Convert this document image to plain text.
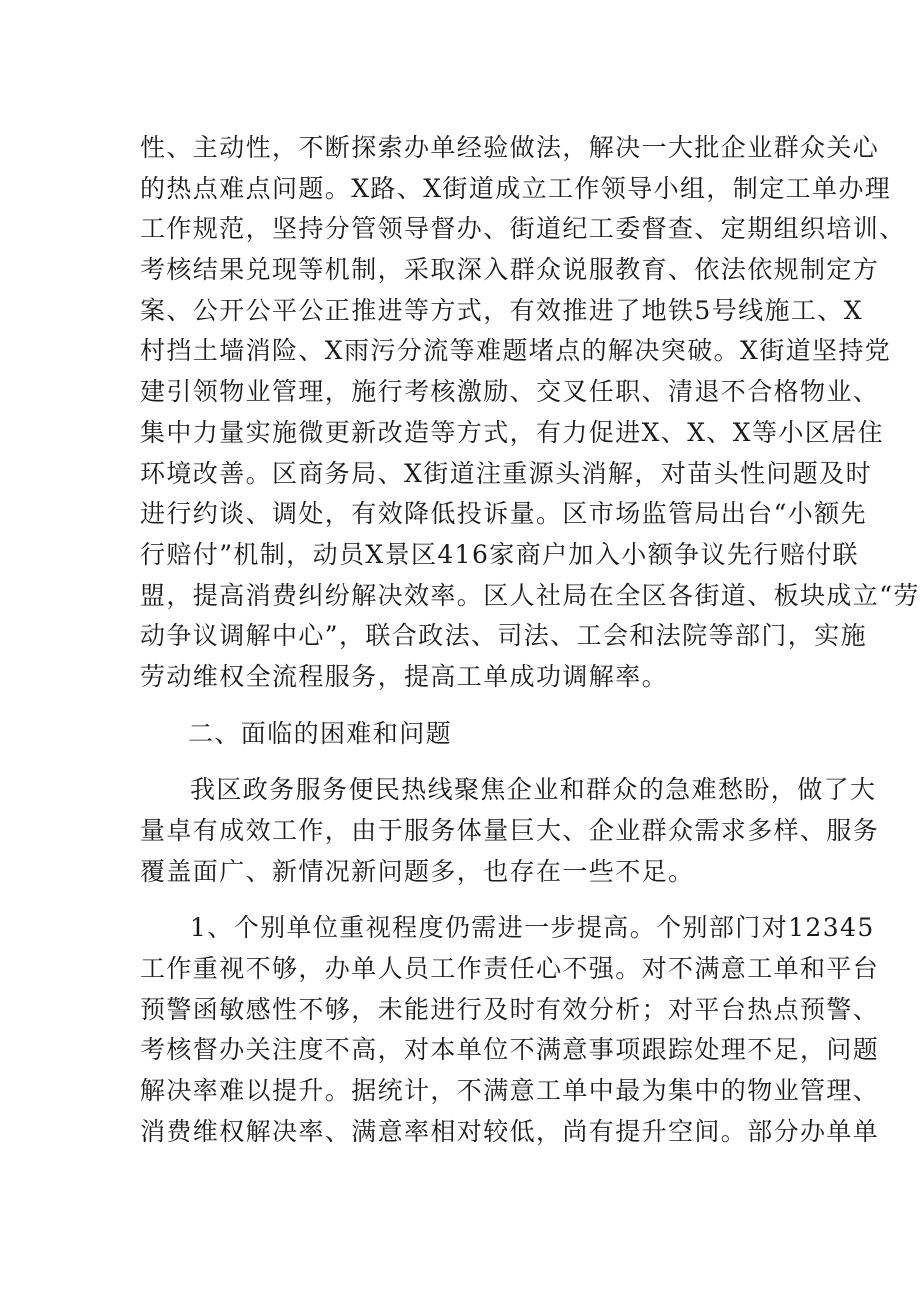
性、主动性，不断探索办单经验做法，解决一大批企业群众关心
的热点难点问题。X路、X街道成立工作领导小组，制定工单办理
工作规范，坚持分管领导督办、街道纪工委督查、定期组织培训、
考核结果兑现等机制，采取深入群众说服教育、依法依规制定方
案、公开公平公正推进等方式，有效推进了地铁5号线施工、X
村挡土墙消险、X雨污分流等难题堵点的解决突破。X街道坚持党
建引领物业管理，施行考核激励、交叉任职、清退不合格物业、
集中力量实施微更新改造等方式，有力促进X、X、X等小区居住
环境改善。区商务局、X街道注重源头消解，对苗头性问题及时
进行约谈、调处，有效降低投诉量。区市场监管局出台“小额先
行赔付”机制，动员X景区416家商户加入小额争议先行赔付联
盟，提高消费纠纷解决效率。区人社局在全区各街道、板块成立“劳
动争议调解中心”，联合政法、司法、工会和法院等部门，实施
劳动维权全流程服务，提高工单成功调解率。
二、面临的困难和问题
我区政务服务便民热线聚焦企业和群众的急难愁盼，做了大
量卓有成效工作，由于服务体量巨大、企业群众需求多样、服务
覆盖面广、新情况新问题多，也存在一些不足。
1、个别单位重视程度仍需进一步提高。个别部门对12345
工作重视不够，办单人员工作责任心不强。对不满意工单和平台
预警函敏感性不够，未能进行及时有效分析；对平台热点预警、
考核督办关注度不高，对本单位不满意事项跟踪处理不足，问题
解决率难以提升。据统计，不满意工单中最为集中的物业管理、
消费维权解决率、满意率相对较低，尚有提升空间。部分办单单
